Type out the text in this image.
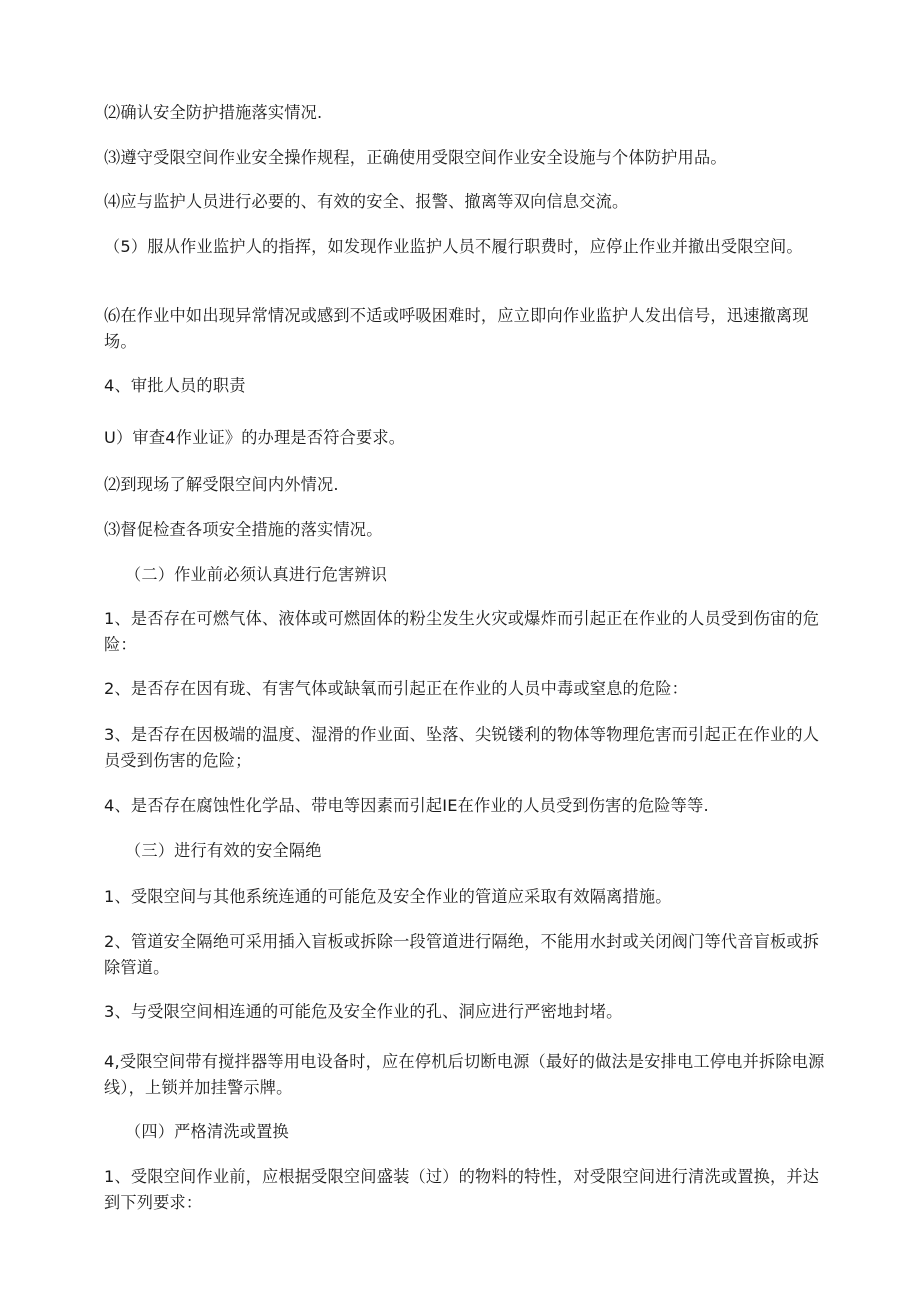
⑵确认安全防护措施落实情况.

⑶遵守受限空间作业安全操作规程，正确使用受限空间作业安全设施与个体防护用品。

⑷应与监护人员进行必要的、有效的安全、报警、撤离等双向信息交流。

（5）服从作业监护人的指挥，如发现作业监护人员不履行职费时，应停止作业并撤出受限空间。

⑹在作业中如出现异常情况或感到不适或呼吸困难时，应立即向作业监护人发出信号，迅速撤离现场。

4、审批人员的职责

U）审查4作业证》的办理是否符合要求。

⑵到现场了解受限空间内外情况.

⑶督促检查各项安全措施的落实情况。

（二）作业前必须认真进行危害辨识

1、是否存在可燃气体、液体或可燃固体的粉尘发生火灾或爆炸而引起正在作业的人员受到伤宙的危险：

2、是否存在因有珑、有害气体或缺氧而引起正在作业的人员中毒或窒息的危险：

3、是否存在因极端的温度、湿滑的作业面、坠落、尖锐镂利的物体等物理危害而引起正在作业的人员受到伤害的危险；

4、是否存在腐蚀性化学品、带电等因素而引起IE在作业的人员受到伤害的危险等等.

（三）进行有效的安全隔绝

1、受限空间与其他系统连通的可能危及安全作业的管道应采取有效隔离措施。

2、管道安全隔绝可采用插入盲板或拆除一段管道进行隔绝，不能用水封或关闭阀门等代音盲板或拆除管道。

3、与受限空间相连通的可能危及安全作业的孔、洞应进行严密地封堵。

4,受限空间带有搅拌器等用电设备时，应在停机后切断电源（最好的做法是安排电工停电并拆除电源线），上锁并加挂警示牌。

（四）严格清洗或置换

1、受限空间作业前，应根据受限空间盛装（过）的物料的特性，对受限空间进行清洗或置换，并达到下列要求：
